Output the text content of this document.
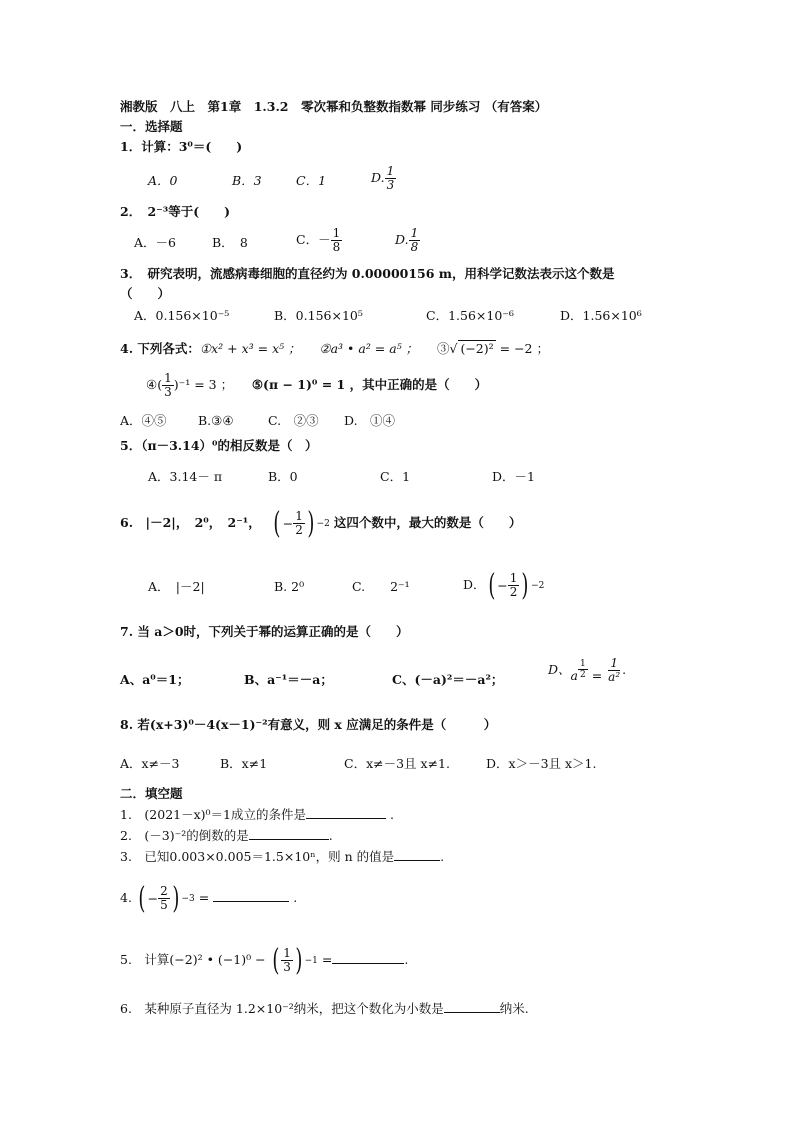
湘教版　八上　第1章　1.3.2　零次幂和负整数指数幂 同步练习 （有答案）
一．选择题
1．计算：3⁰＝(　　)
A．0	B．3	C．1	D. $\frac{1}{3}$
2．　2⁻³等于(　　)
A．－6	B．　8	C．－ $\frac{1}{8}$	D. $\frac{1}{8}$
3．　研究表明，流感病毒细胞的直径约为 0.00000156 m，用科学记数法表示这个数是
（　　）
A．0.156×10⁻⁵	B．0.156×10⁵	C．1.56×10⁻⁶	D．1.56×10⁶
4. 下列各式：①x² + x³ = x⁵ ；　　 ②a³ • a² = a⁵ ；　　 ③√ (−2)² = −2 ；
④( $\frac{1}{3} )^{-1} = 3$ ；　　 ⑤(π − 1)⁰ = 1 ，其中正确的是（　　）
A．④⑤	B.③④	C.　②③ D.　①④
5．（π－3.14）⁰的相反数是（　）
A．3.14－ π	B．0	C．1	D．－1
6.　|－2|，　2⁰，　2⁻¹，　 ( − $\frac{1}{2}$ ) −2 这四个数中，最大的数是（　　）
A．　|－2|	B. 2⁰	C.　　2⁻¹	D． ( − $\frac{1}{2}$ ) −2
7. 当 a＞0时，下列关于幂的运算正确的是（　　）
A、a⁰＝1；	B、a⁻¹＝－a；	C、(－a)²＝－a²；
D、a $\frac{1}{2} = \frac{1}{\text{a²}}$ .
8. 若(x+3)⁰－4(x－1)⁻²有意义，则 x 应满足的条件是（　　　）
A．x≠－3	B．x≠1	C．x≠－3且 x≠1.	D．x＞－3且 x＞1.
二．填空题
1.　(2021－x)⁰＝1成立的条件是	.
2.　(－3)⁻²的倒数的是	.
3.　已知0.003×0.005＝1.5×10ⁿ，则 n 的值是	.
4. ( − $\frac{2}{5}$ ) −3 =	.
5.　计算(−2)² • (−1)⁰ − ( $\frac{1}{3}$ ) −1 =	.
6.　某种原子直径为 1.2×10⁻²纳米，把这个数化为小数是	纳米.
